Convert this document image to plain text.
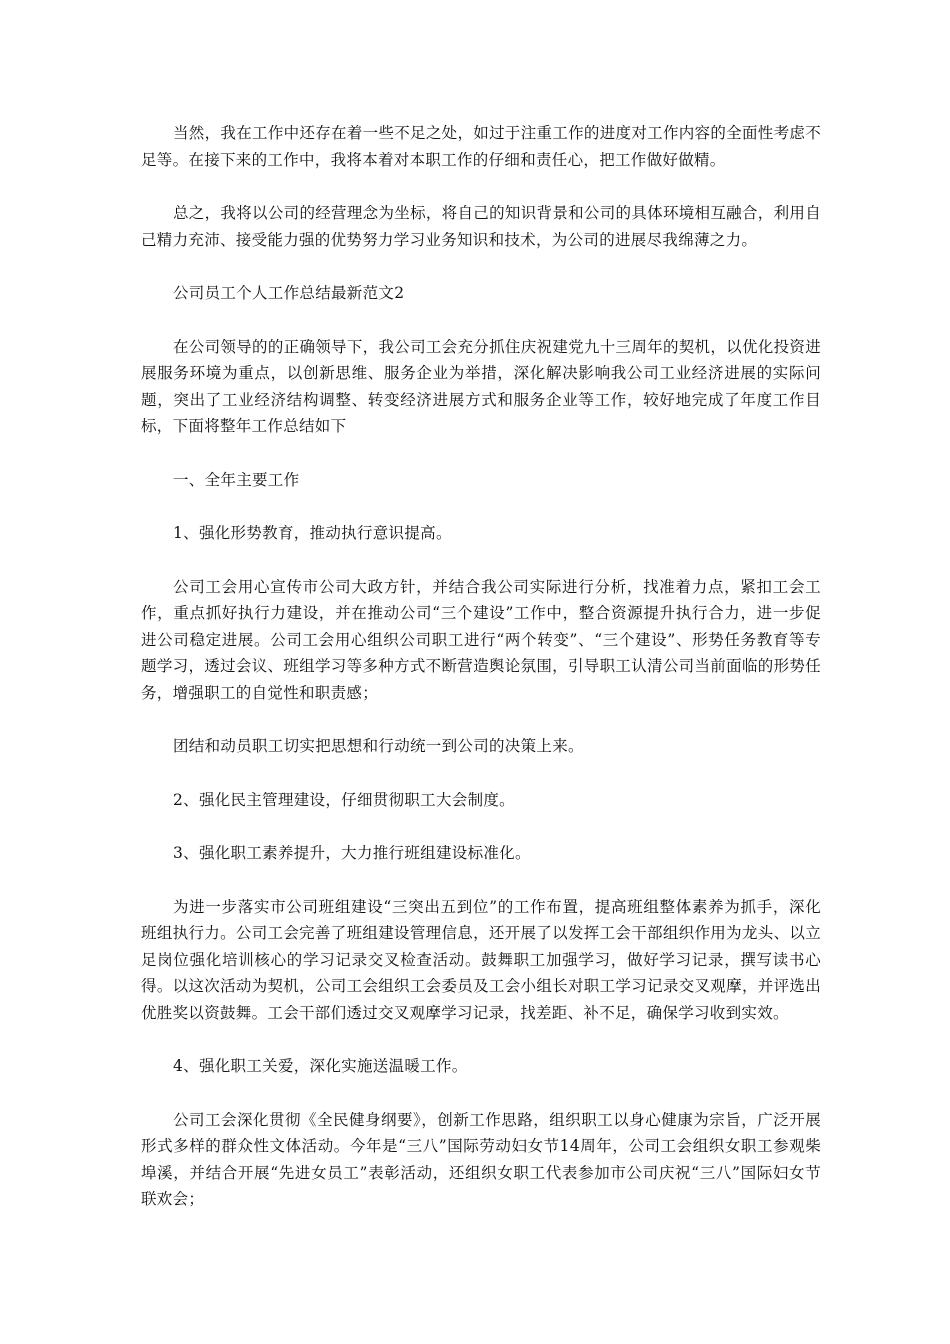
当然，我在工作中还存在着一些不足之处，如过于注重工作的进度对工作内容的全面性考虑不足等。在接下来的工作中，我将本着对本职工作的仔细和责任心，把工作做好做精。

总之，我将以公司的经营理念为坐标，将自己的知识背景和公司的具体环境相互融合，利用自己精力充沛、接受能力强的优势努力学习业务知识和技术，为公司的进展尽我绵薄之力。

公司员工个人工作总结最新范文2

在公司领导的的正确领导下，我公司工会充分抓住庆祝建党九十三周年的契机，以优化投资进展服务环境为重点，以创新思维、服务企业为举措，深化解决影响我公司工业经济进展的实际问题，突出了工业经济结构调整、转变经济进展方式和服务企业等工作，较好地完成了年度工作目标，下面将整年工作总结如下

一、全年主要工作

1、强化形势教育，推动执行意识提高。

公司工会用心宣传市公司大政方针，并结合我公司实际进行分析，找准着力点，紧扣工会工作，重点抓好执行力建设，并在推动公司“三个建设”工作中，整合资源提升执行合力，进一步促进公司稳定进展。公司工会用心组织公司职工进行“两个转变”、“三个建设”、形势任务教育等专题学习，透过会议、班组学习等多种方式不断营造舆论氛围，引导职工认清公司当前面临的形势任务，增强职工的自觉性和职责感；

团结和动员职工切实把思想和行动统一到公司的决策上来。

2、强化民主管理建设，仔细贯彻职工大会制度。

3、强化职工素养提升，大力推行班组建设标准化。

为进一步落实市公司班组建设“三突出五到位”的工作布置，提高班组整体素养为抓手，深化班组执行力。公司工会完善了班组建设管理信息，还开展了以发挥工会干部组织作用为龙头、以立足岗位强化培训核心的学习记录交叉检查活动。鼓舞职工加强学习，做好学习记录，撰写读书心得。以这次活动为契机，公司工会组织工会委员及工会小组长对职工学习记录交叉观摩，并评选出优胜奖以资鼓舞。工会干部们透过交叉观摩学习记录，找差距、补不足，确保学习收到实效。

4、强化职工关爱，深化实施送温暖工作。

公司工会深化贯彻《全民健身纲要》，创新工作思路，组织职工以身心健康为宗旨，广泛开展形式多样的群众性文体活动。今年是“三八”国际劳动妇女节14周年，公司工会组织女职工参观柴埠溪，并结合开展“先进女员工”表彰活动，还组织女职工代表参加市公司庆祝“三八”国际妇女节联欢会；
